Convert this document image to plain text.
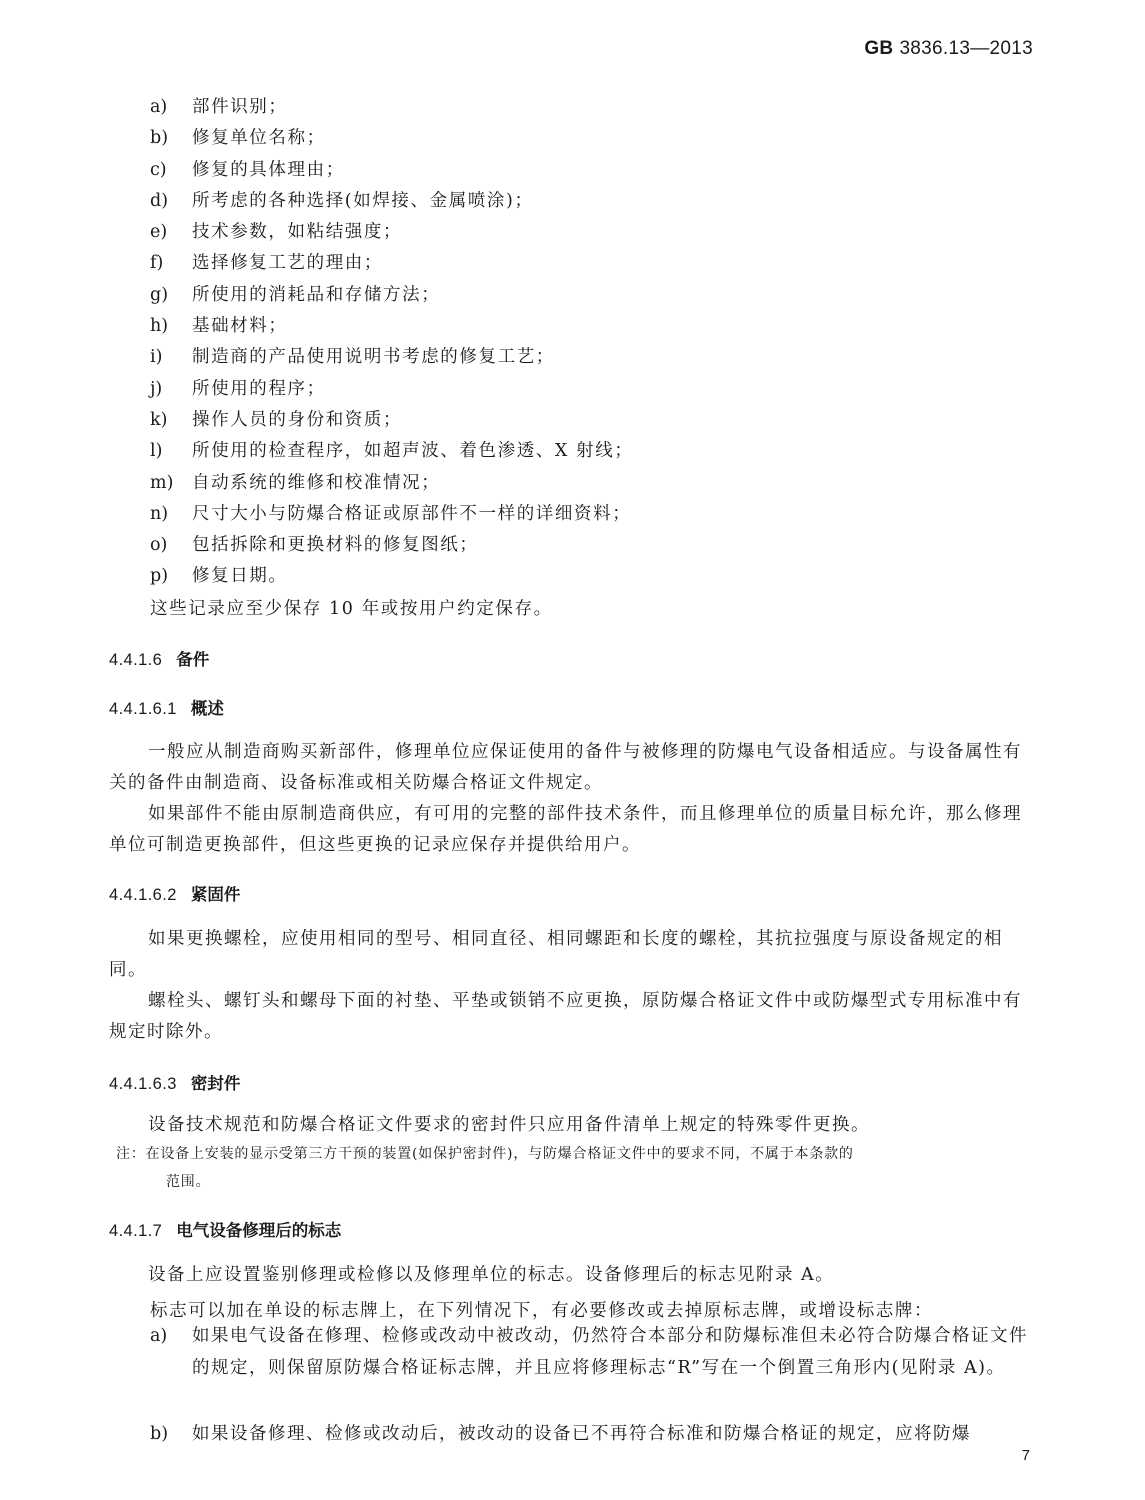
GB 3836.13—2013
a)	部件识别；
b)	修复单位名称；
c)	修复的具体理由；
d)	所考虑的各种选择(如焊接、金属喷涂)；
e)	技术参数，如粘结强度；
f)	选择修复工艺的理由；
g)	所使用的消耗品和存储方法；
h)	基础材料；
i)	制造商的产品使用说明书考虑的修复工艺；
j)	所使用的程序；
k)	操作人员的身份和资质；
l)	所使用的检查程序，如超声波、着色渗透、X 射线；
m)	自动系统的维修和校准情况；
n)	尺寸大小与防爆合格证或原部件不一样的详细资料；
o)	包括拆除和更换材料的修复图纸；
p)	修复日期。
这些记录应至少保存 10 年或按用户约定保存。
4.4.1.6 备件
4.4.1.6.1 概述
一般应从制造商购买新部件，修理单位应保证使用的备件与被修理的防爆电气设备相适应。与设备属性有关的备件由制造商、设备标准或相关防爆合格证文件规定。
如果部件不能由原制造商供应，有可用的完整的部件技术条件，而且修理单位的质量目标允许，那么修理单位可制造更换部件，但这些更换的记录应保存并提供给用户。
4.4.1.6.2 紧固件
如果更换螺栓，应使用相同的型号、相同直径、相同螺距和长度的螺栓，其抗拉强度与原设备规定的相同。
螺栓头、螺钉头和螺母下面的衬垫、平垫或锁销不应更换，原防爆合格证文件中或防爆型式专用标准中有规定时除外。
4.4.1.6.3 密封件
设备技术规范和防爆合格证文件要求的密封件只应用备件清单上规定的特殊零件更换。
注：在设备上安装的显示受第三方干预的装置(如保护密封件)，与防爆合格证文件中的要求不同，不属于本条款的
范围。
4.4.1.7 电气设备修理后的标志
设备上应设置鉴别修理或检修以及修理单位的标志。设备修理后的标志见附录 A。
标志可以加在单设的标志牌上，在下列情况下，有必要修改或去掉原标志牌，或增设标志牌：
a)	如果电气设备在修理、检修或改动中被改动，仍然符合本部分和防爆标准但未必符合防爆合格证文件的规定，则保留原防爆合格证标志牌，并且应将修理标志“R”写在一个倒置三角形内(见附录 A)。
b)	如果设备修理、检修或改动后，被改动的设备已不再符合标准和防爆合格证的规定，应将防爆
7
